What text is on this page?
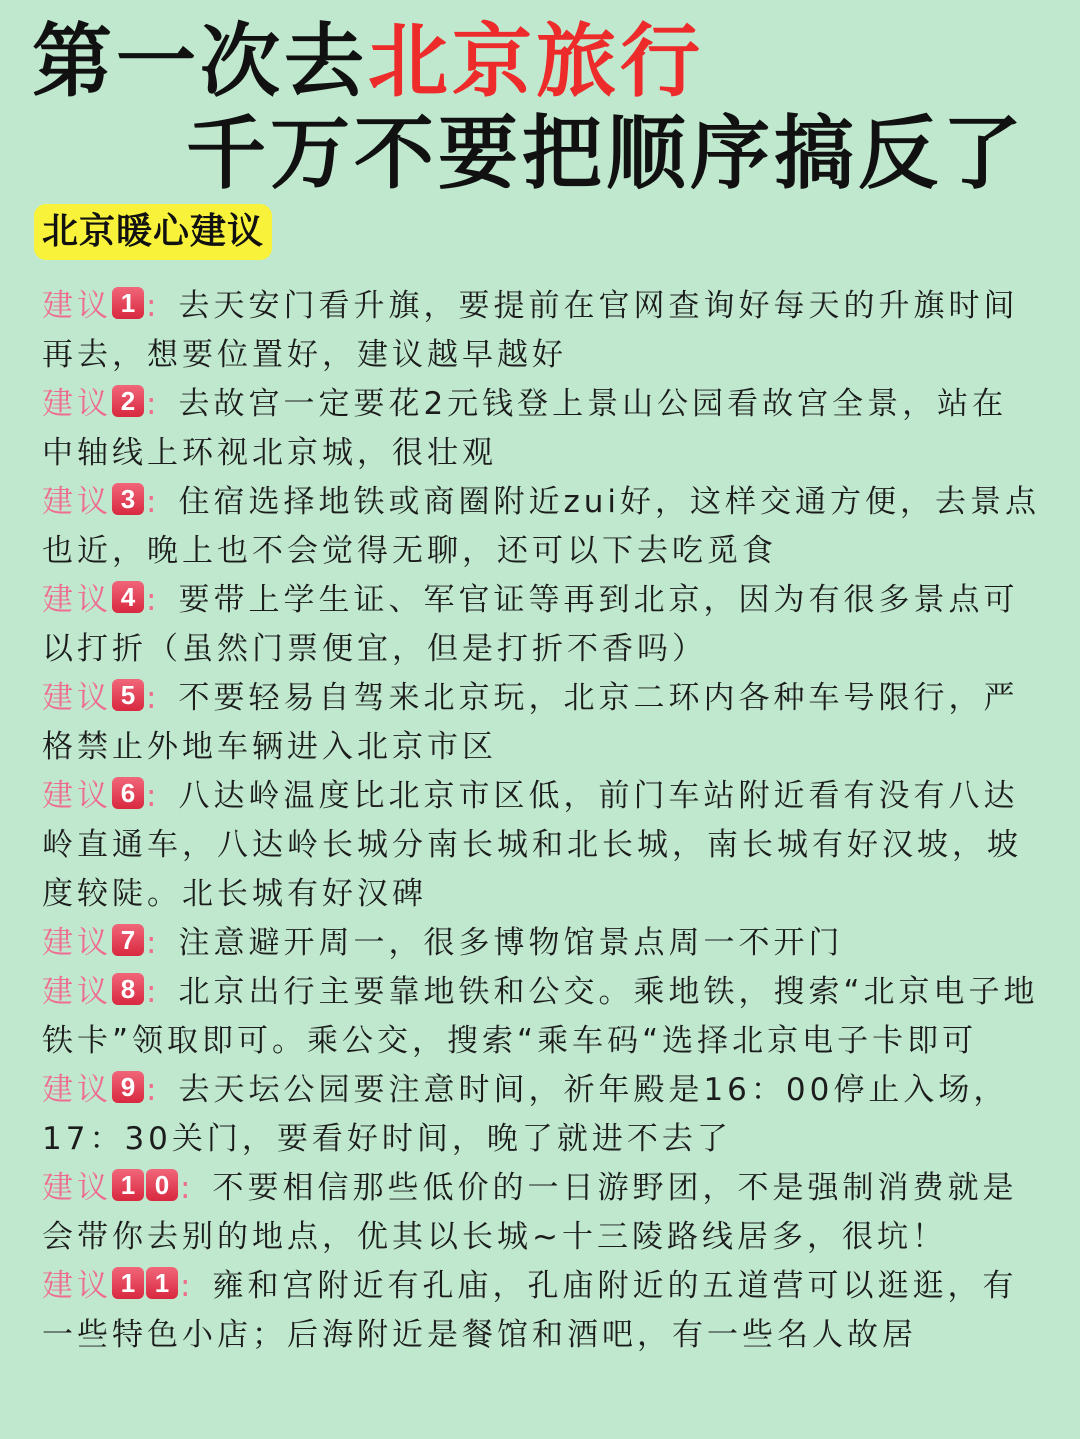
第一次去北京旅行
千万不要把顺序搞反了
北京暖心建议
建议 1 : 去天安门看升旗，要提前在官网查询好每天的升旗时间再去，想要位置好，建议越早越好
建议 2 : 去故宫一定要花2元钱登上景山公园看故宫全景，站在中轴线上环视北京城，很壮观
建议 3 : 住宿选择地铁或商圈附近zui好，这样交通方便，去景点也近，晚上也不会觉得无聊，还可以下去吃觅食
建议 4 : 要带上学生证、军官证等再到北京，因为有很多景点可以打折（虽然门票便宜，但是打折不香吗）
建议 5 : 不要轻易自驾来北京玩，北京二环内各种车号限行，严格禁止外地车辆进入北京市区
建议 6 : 八达岭温度比北京市区低，前门车站附近看有没有八达岭直通车，八达岭长城分南长城和北长城，南长城有好汉坡，坡度较陡。北长城有好汉碑
建议 7 : 注意避开周一，很多博物馆景点周一不开门
建议 8 : 北京出行主要靠地铁和公交。乘地铁，搜索“北京电子地铁卡”领取即可。乘公交，搜索“乘车码“选择北京电子卡即可
建议 9 : 去天坛公园要注意时间，祈年殿是16：00停止入场，17：30关门，要看好时间，晚了就进不去了
建议 1 0 : 不要相信那些低价的一日游野团，不是强制消费就是会带你去别的地点，优其以长城~十三陵路线居多，很坑！
建议 1 1 : 雍和宫附近有孔庙，孔庙附近的五道营可以逛逛，有一些特色小店；后海附近是餐馆和酒吧，有一些名人故居
